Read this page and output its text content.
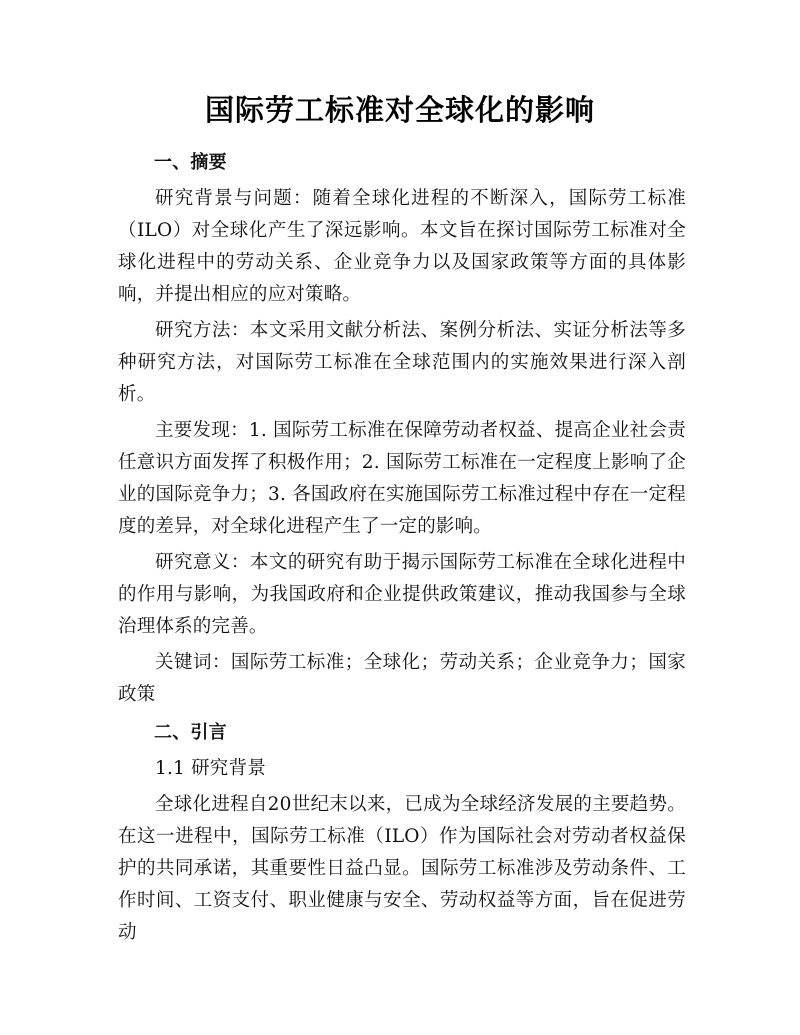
国际劳工标准对全球化的影响

一、摘要

研究背景与问题：随着全球化进程的不断深入，国际劳工标准（ILO）对全球化产生了深远影响。本文旨在探讨国际劳工标准对全球化进程中的劳动关系、企业竞争力以及国家政策等方面的具体影响，并提出相应的应对策略。

研究方法：本文采用文献分析法、案例分析法、实证分析法等多种研究方法，对国际劳工标准在全球范围内的实施效果进行深入剖析。

主要发现：1. 国际劳工标准在保障劳动者权益、提高企业社会责任意识方面发挥了积极作用；2. 国际劳工标准在一定程度上影响了企业的国际竞争力；3. 各国政府在实施国际劳工标准过程中存在一定程度的差异，对全球化进程产生了一定的影响。

研究意义：本文的研究有助于揭示国际劳工标准在全球化进程中的作用与影响，为我国政府和企业提供政策建议，推动我国参与全球治理体系的完善。

关键词：国际劳工标准；全球化；劳动关系；企业竞争力；国家政策

二、引言

1.1 研究背景

全球化进程自20世纪末以来，已成为全球经济发展的主要趋势。在这一进程中，国际劳工标准（ILO）作为国际社会对劳动者权益保护的共同承诺，其重要性日益凸显。国际劳工标准涉及劳动条件、工作时间、工资支付、职业健康与安全、劳动权益等方面，旨在促进劳动
